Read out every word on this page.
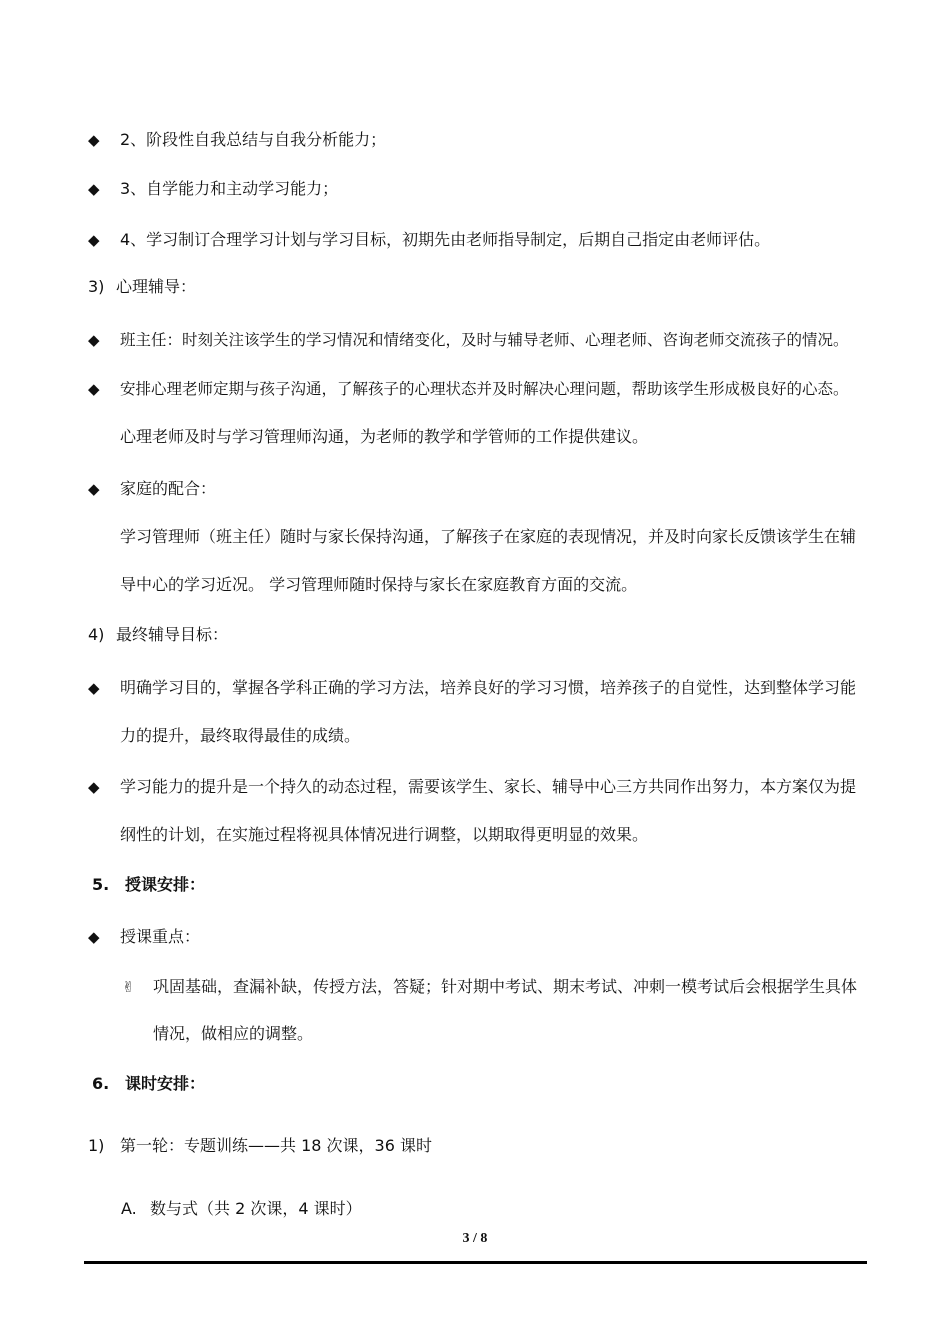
◆ 2、阶段性自我总结与自我分析能力；
◆ 3、自学能力和主动学习能力；
◆ 4、学习制订合理学习计划与学习目标，初期先由老师指导制定，后期自己指定由老师评估。
3) 心理辅导：
◆ 班主任：时刻关注该学生的学习情况和情绪变化，及时与辅导老师、心理老师、咨询老师交流孩子的情况。
◆ 安排心理老师定期与孩子沟通，了解孩子的心理状态并及时解决心理问题，帮助该学生形成极良好的心态。
心理老师及时与学习管理师沟通，为老师的教学和学管师的工作提供建议。
◆ 家庭的配合：
学习管理师（班主任）随时与家长保持沟通，了解孩子在家庭的表现情况，并及时向家长反馈该学生在辅
导中心的学习近况。 学习管理师随时保持与家长在家庭教育方面的交流。
4) 最终辅导目标：
◆ 明确学习目的，掌握各学科正确的学习方法，培养良好的学习习惯，培养孩子的自觉性，达到整体学习能
力的提升，最终取得最佳的成绩。
◆ 学习能力的提升是一个持久的动态过程，需要该学生、家长、辅导中心三方共同作出努力，本方案仅为提
纲性的计划，在实施过程将视具体情况进行调整，以期取得更明显的效果。
5. 授课安排：
◆ 授课重点：
✌ 巩固基础，查漏补缺，传授方法，答疑；针对期中考试、期末考试、冲刺一模考试后会根据学生具体
情况，做相应的调整。
6. 课时安排：
1) 第一轮：专题训练——共 18 次课，36 课时
A. 数与式（共 2 次课，4 课时）
3 / 8
